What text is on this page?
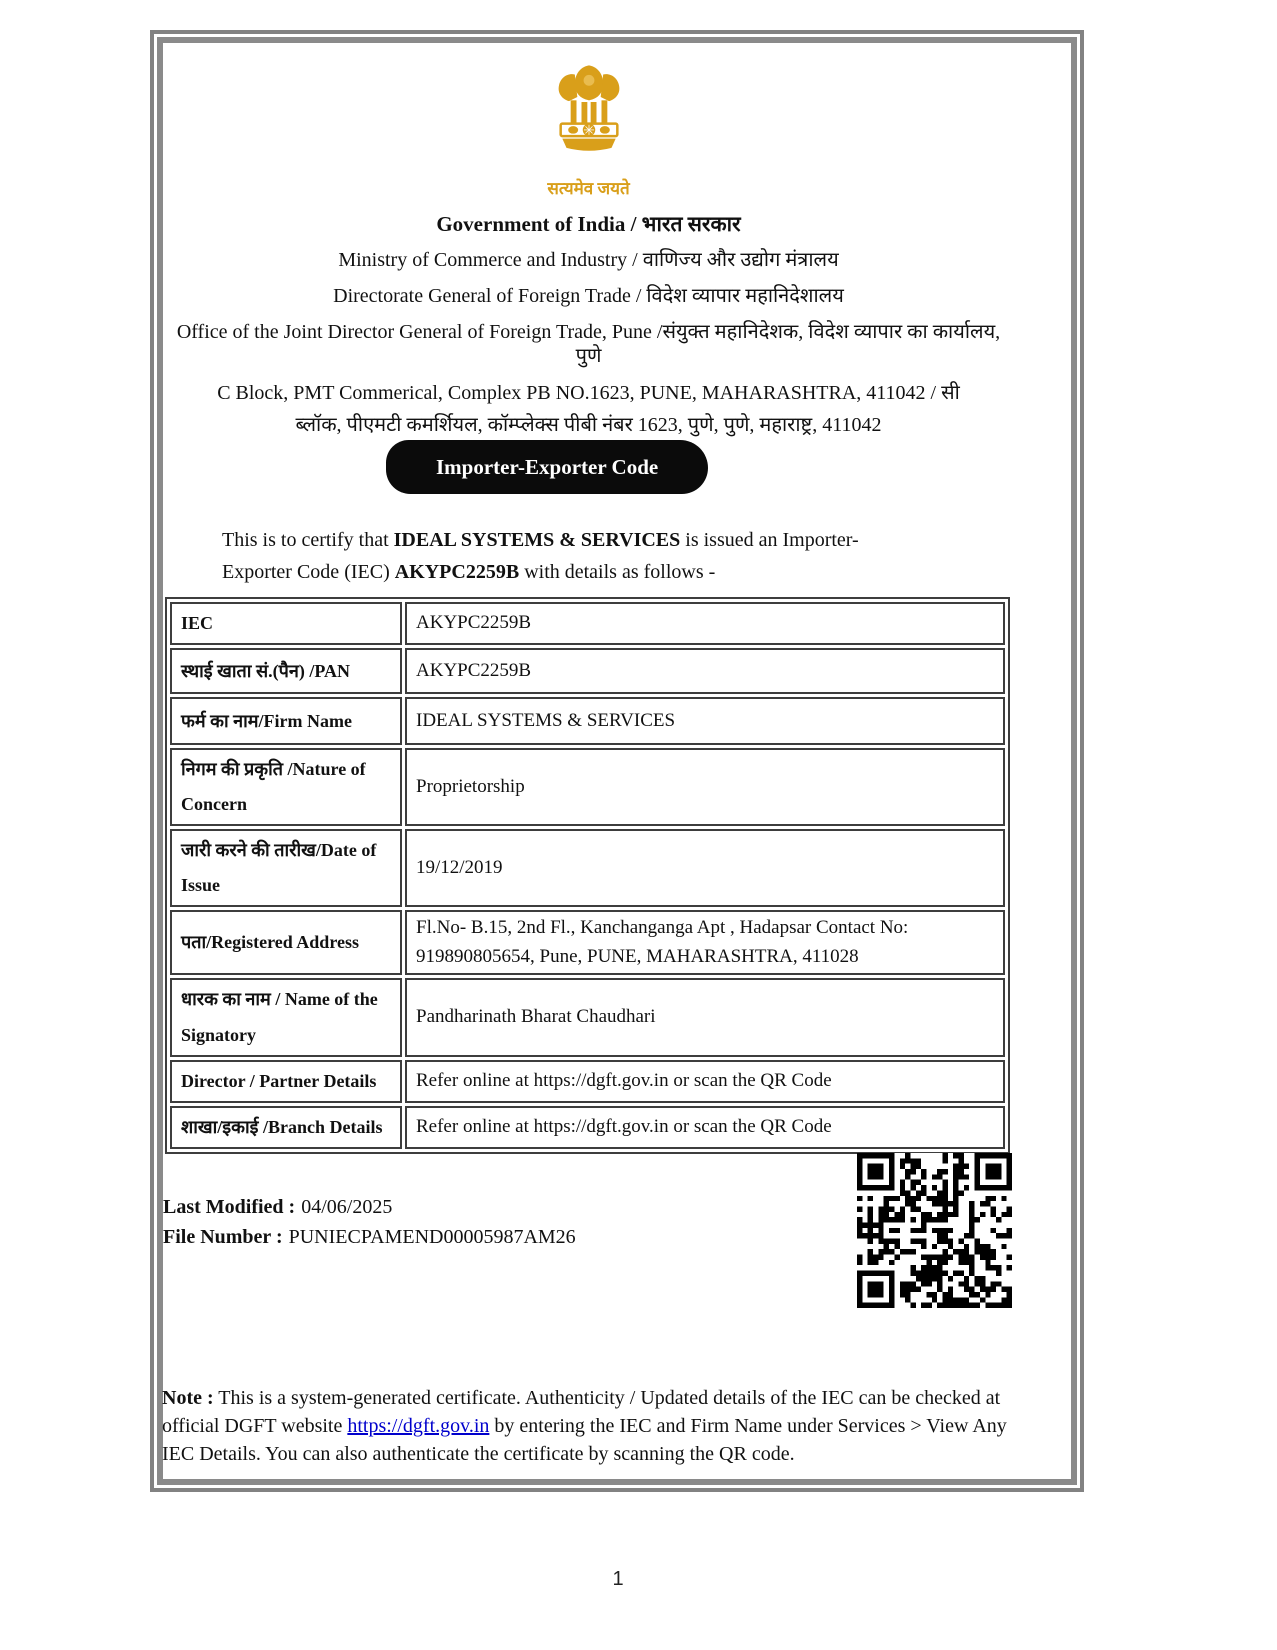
सत्यमेव जयते
Government of India / भारत सरकार
Ministry of Commerce and Industry / वाणिज्य और उद्योग मंत्रालय
Directorate General of Foreign Trade / विदेश व्यापार महानिदेशालय
Office of the Joint Director General of Foreign Trade, Pune /संयुक्त महानिदेशक, विदेश व्यापार का कार्यालय, पुणे
C Block, PMT Commerical, Complex PB NO.1623, PUNE, MAHARASHTRA, 411042 / सी ब्लॉक, पीएमटी कमर्शियल, कॉम्प्लेक्स पीबी नंबर 1623, पुणे, पुणे, महाराष्ट्र, 411042
Importer-Exporter Code
This is to certify that IDEAL SYSTEMS & SERVICES is issued an Importer-
Exporter Code (IEC) AKYPC2259B with details as follows -
IEC	AKYPC2259B
स्थाई खाता सं.(पैन) /PAN	AKYPC2259B
फर्म का नाम/Firm Name	IDEAL SYSTEMS & SERVICES
निगम की प्रकृति /Nature of Concern	Proprietorship
जारी करने की तारीख/Date of Issue	19/12/2019
पता/Registered Address	Fl.No- B.15, 2nd Fl., Kanchanganga Apt , Hadapsar Contact No: 919890805654, Pune, PUNE, MAHARASHTRA, 411028
धारक का नाम / Name of the Signatory	Pandharinath Bharat Chaudhari
Director / Partner Details	Refer online at https://dgft.gov.in or scan the QR Code
शाखा/इकाई /Branch Details	Refer online at https://dgft.gov.in or scan the QR Code
Last Modified : 04/06/2025
File Number : PUNIECPAMEND00005987AM26
Note : This is a system-generated certificate. Authenticity / Updated details of the IEC can be checked at official DGFT website https://dgft.gov.in by entering the IEC and Firm Name under Services > View Any IEC Details. You can also authenticate the certificate by scanning the QR code.
1
